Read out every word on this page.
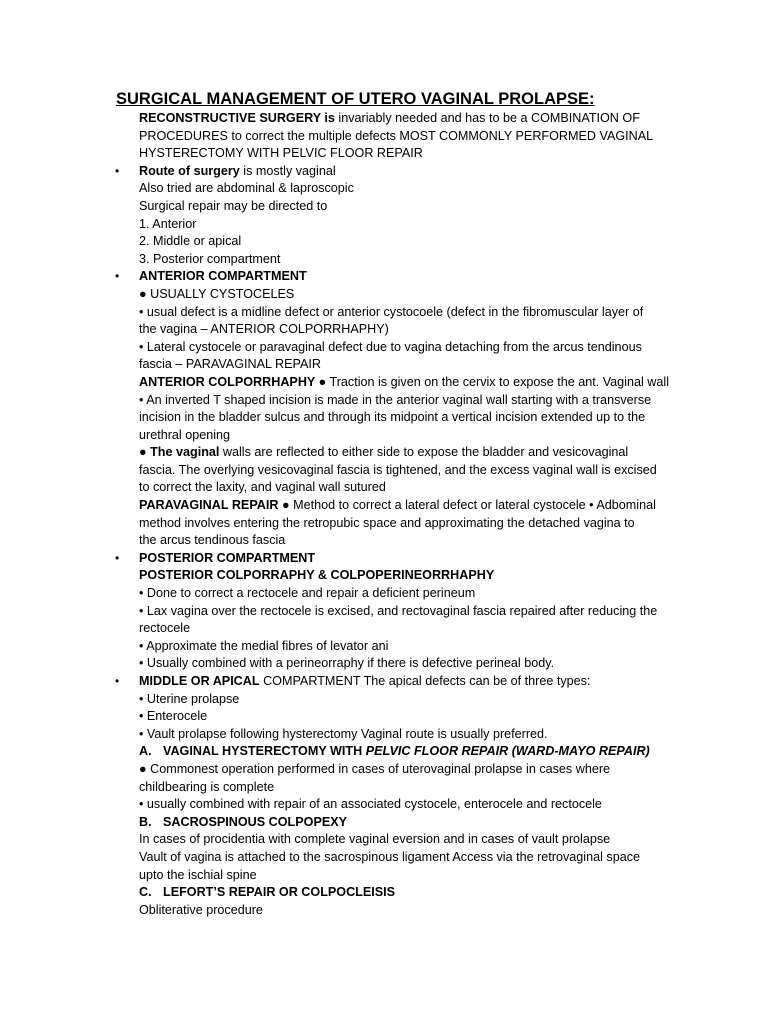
SURGICAL MANAGEMENT OF UTERO VAGINAL PROLAPSE:
RECONSTRUCTIVE SURGERY is invariably needed and has to be a COMBINATION OF
PROCEDURES to correct the multiple defects MOST COMMONLY PERFORMED VAGINAL
HYSTERECTOMY WITH PELVIC FLOOR REPAIR
• Route of surgery is mostly vaginal
Also tried are abdominal & laproscopic
Surgical repair may be directed to
1. Anterior
2. Middle or apical
3. Posterior compartment
• ANTERIOR COMPARTMENT
● USUALLY CYSTOCELES
• usual defect is a midline defect or anterior cystocoele (defect in the fibromuscular layer of
the vagina – ANTERIOR COLPORRHAPHY)
• Lateral cystocele or paravaginal defect due to vagina detaching from the arcus tendinous
fascia – PARAVAGINAL REPAIR
ANTERIOR COLPORRHAPHY ● Traction is given on the cervix to expose the ant. Vaginal wall
• An inverted T shaped incision is made in the anterior vaginal wall starting with a transverse
incision in the bladder sulcus and through its midpoint a vertical incision extended up to the
urethral opening
● The vaginal walls are reflected to either side to expose the bladder and vesicovaginal
fascia. The overlying vesicovaginal fascia is tightened, and the excess vaginal wall is excised
to correct the laxity, and vaginal wall sutured
PARAVAGINAL REPAIR ● Method to correct a lateral defect or lateral cystocele • Adbominal
method involves entering the retropubic space and approximating the detached vagina to
the arcus tendinous fascia
• POSTERIOR COMPARTMENT
POSTERIOR COLPORRAPHY & COLPOPERINEORRHAPHY
• Done to correct a rectocele and repair a deficient perineum
• Lax vagina over the rectocele is excised, and rectovaginal fascia repaired after reducing the
rectocele
• Approximate the medial fibres of levator ani
• Usually combined with a perineorraphy if there is defective perineal body.
• MIDDLE OR APICAL COMPARTMENT The apical defects can be of three types:
• Uterine prolapse
• Enterocele
• Vault prolapse following hysterectomy Vaginal route is usually preferred.
A. VAGINAL HYSTERECTOMY WITH PELVIC FLOOR REPAIR (WARD-MAYO REPAIR)
● Commonest operation performed in cases of uterovaginal prolapse in cases where
childbearing is complete
• usually combined with repair of an associated cystocele, enterocele and rectocele
B. SACROSPINOUS COLPOPEXY
In cases of procidentia with complete vaginal eversion and in cases of vault prolapse
Vault of vagina is attached to the sacrospinous ligament Access via the retrovaginal space
upto the ischial spine
C. LEFORT’S REPAIR OR COLPOCLEISIS
Obliterative procedure
